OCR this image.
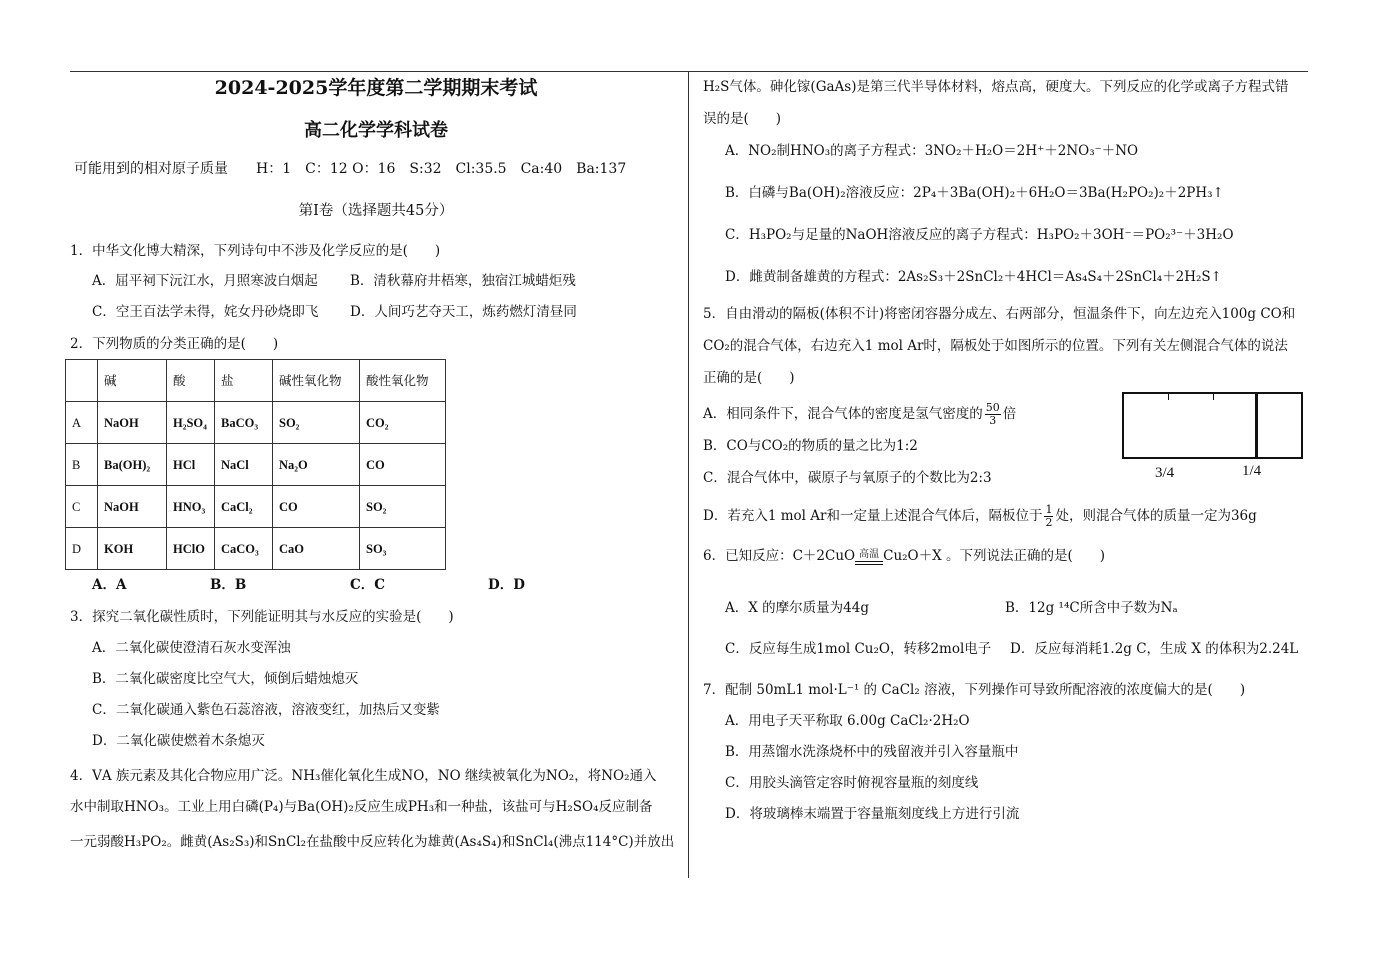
2024-2025学年度第二学期期末考试
高二化学学科试卷
可能用到的相对原子质量　　H：1　C：12 O：16　S:32　Cl:35.5　Ca:40　Ba:137
第Ⅰ卷（选择题共45分）

1．中华文化博大精深，下列诗句中不涉及化学反应的是(　　)

A．屈平祠下沅江水，月照寒波白烟起	B．清秋幕府井梧寒，独宿江城蜡炬残
C．空王百法学未得，姹女丹砂烧即飞	D．人间巧艺夺天工，炼药燃灯清昼同

2．下列物质的分类正确的是(　　)

	碱	酸	盐	碱性氧化物	酸性氧化物
A	NaOH	H₂SO₄	BaCO₃	SO₂	CO₂
B	Ba(OH)₂	HCl	NaCl	Na₂O	CO
C	NaOH	HNO₃	CaCl₂	CO	SO₂
D	KOH	HClO	CaCO₃	CaO	SO₃
A．A	B．B	C．C	D．D

3．探究二氧化碳性质时，下列能证明其与水反应的实验是(　　)

A．二氧化碳使澄清石灰水变浑浊

B．二氧化碳密度比空气大，倾倒后蜡烛熄灭

C．二氧化碳通入紫色石蕊溶液，溶液变红，加热后又变紫

D．二氧化碳使燃着木条熄灭

4．ⅤA 族元素及其化合物应用广泛。NH₃催化氧化生成NO，NO 继续被氧化为NO₂，将NO₂通入

水中制取HNO₃。工业上用白磷(P₄)与Ba(OH)₂反应生成PH₃和一种盐，该盐可与H₂SO₄反应制备

一元弱酸H₃PO₂。雌黄(As₂S₃)和SnCl₂在盐酸中反应转化为雄黄(As₄S₄)和SnCl₄(沸点114°C)并放出

H₂S气体。砷化镓(GaAs)是第三代半导体材料，熔点高，硬度大。下列反应的化学或离子方程式错

误的是(　　)

A．NO₂制HNO₃的离子方程式：3NO₂＋H₂O＝2H⁺＋2NO₃⁻＋NO

B．白磷与Ba(OH)₂溶液反应：2P₄＋3Ba(OH)₂＋6H₂O＝3Ba(H₂PO₂)₂＋2PH₃↑

C．H₃PO₂与足量的NaOH溶液反应的离子方程式：H₃PO₂＋3OH⁻＝PO₂³⁻＋3H₂O

D．雌黄制备雄黄的方程式：2As₂S₃＋2SnCl₂＋4HCl＝As₄S₄＋2SnCl₄＋2H₂S↑

5．自由滑动的隔板(体积不计)将密闭容器分成左、右两部分，恒温条件下，向左边充入100g CO和

CO₂的混合气体，右边充入1 mol Ar时，隔板处于如图所示的位置。下列有关左侧混合气体的说法

正确的是(　　)

A．相同条件下，混合气体的密度是氢气密度的 $\frac{50}{3}$ 倍

B．CO与CO₂的物质的量之比为1:2

C．混合气体中，碳原子与氧原子的个数比为2:3

D．若充入1 mol Ar和一定量上述混合气体后，隔板位于 $\frac{1}{2}$ 处，则混合气体的质量一定为36g

6．已知反应：C＋2CuO 高温 Cu₂O＋X 。下列说法正确的是(　　)

A．X 的摩尔质量为44g	B．12g ¹⁴C所含中子数为Nₐ
C．反应每生成1mol Cu₂O，转移2mol电子	D．反应每消耗1.2g C，生成 X 的体积为2.24L

7．配制 50mL1 mol·L⁻¹ 的 CaCl₂ 溶液，下列操作可导致所配溶液的浓度偏大的是(　　)

A．用电子天平称取 6.00g CaCl₂·2H₂O

B．用蒸馏水洗涤烧杯中的残留液并引入容量瓶中

C．用胶头滴管定容时俯视容量瓶的刻度线

D．将玻璃棒末端置于容量瓶刻度线上方进行引流

3/4	1/4
